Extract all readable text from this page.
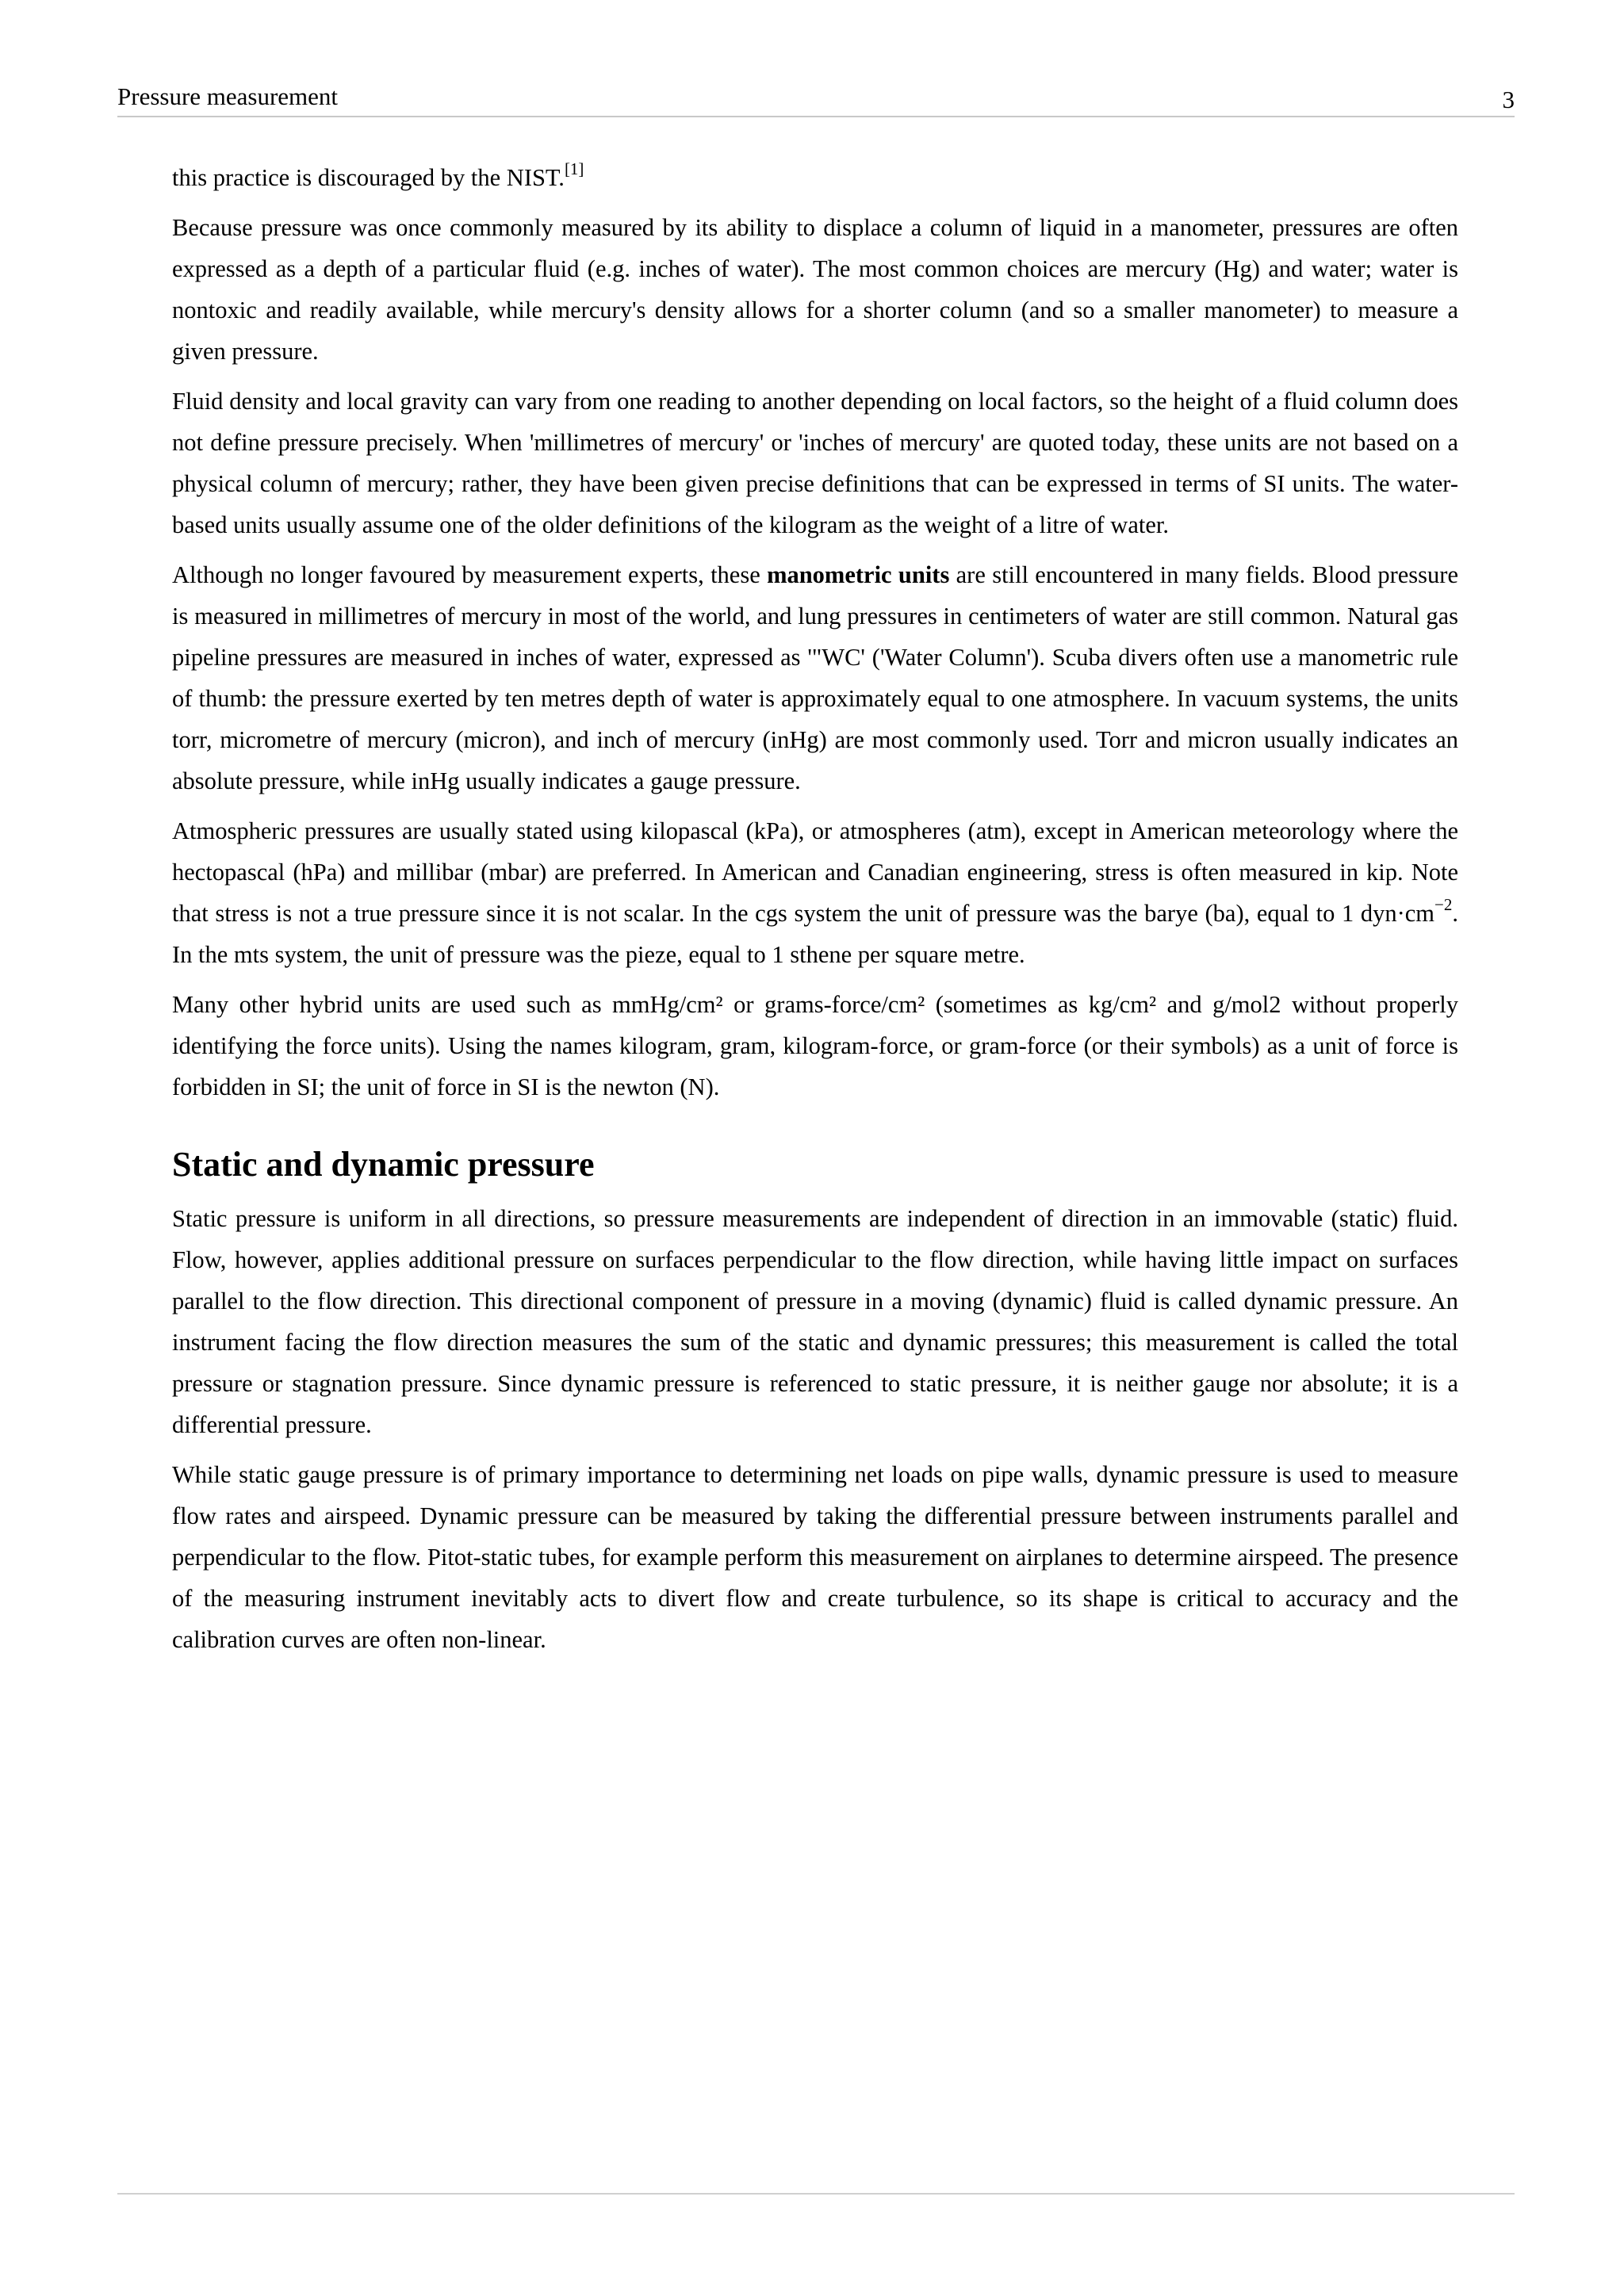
Pressure measurement	3

this practice is discouraged by the NIST.[1]

Because pressure was once commonly measured by its ability to displace a column of liquid in a manometer, pressures are often expressed as a depth of a particular fluid (e.g. inches of water). The most common choices are mercury (Hg) and water; water is nontoxic and readily available, while mercury's density allows for a shorter column (and so a smaller manometer) to measure a given pressure.

Fluid density and local gravity can vary from one reading to another depending on local factors, so the height of a fluid column does not define pressure precisely. When 'millimetres of mercury' or 'inches of mercury' are quoted today, these units are not based on a physical column of mercury; rather, they have been given precise definitions that can be expressed in terms of SI units. The water-based units usually assume one of the older definitions of the kilogram as the weight of a litre of water.

Although no longer favoured by measurement experts, these manometric units are still encountered in many fields. Blood pressure is measured in millimetres of mercury in most of the world, and lung pressures in centimeters of water are still common. Natural gas pipeline pressures are measured in inches of water, expressed as '"WC' ('Water Column'). Scuba divers often use a manometric rule of thumb: the pressure exerted by ten metres depth of water is approximately equal to one atmosphere. In vacuum systems, the units torr, micrometre of mercury (micron), and inch of mercury (inHg) are most commonly used. Torr and micron usually indicates an absolute pressure, while inHg usually indicates a gauge pressure.

Atmospheric pressures are usually stated using kilopascal (kPa), or atmospheres (atm), except in American meteorology where the hectopascal (hPa) and millibar (mbar) are preferred. In American and Canadian engineering, stress is often measured in kip. Note that stress is not a true pressure since it is not scalar. In the cgs system the unit of pressure was the barye (ba), equal to 1 $dyn\cdot cm^{-2}$. In the mts system, the unit of pressure was the pieze, equal to 1 sthene per square metre.

Many other hybrid units are used such as mmHg/cm² or grams-force/cm² (sometimes as kg/cm² and g/mol2 without properly identifying the force units). Using the names kilogram, gram, kilogram-force, or gram-force (or their symbols) as a unit of force is forbidden in SI; the unit of force in SI is the newton (N).

Static and dynamic pressure

Static pressure is uniform in all directions, so pressure measurements are independent of direction in an immovable (static) fluid. Flow, however, applies additional pressure on surfaces perpendicular to the flow direction, while having little impact on surfaces parallel to the flow direction. This directional component of pressure in a moving (dynamic) fluid is called dynamic pressure. An instrument facing the flow direction measures the sum of the static and dynamic pressures; this measurement is called the total pressure or stagnation pressure. Since dynamic pressure is referenced to static pressure, it is neither gauge nor absolute; it is a differential pressure.

While static gauge pressure is of primary importance to determining net loads on pipe walls, dynamic pressure is used to measure flow rates and airspeed. Dynamic pressure can be measured by taking the differential pressure between instruments parallel and perpendicular to the flow. Pitot-static tubes, for example perform this measurement on airplanes to determine airspeed. The presence of the measuring instrument inevitably acts to divert flow and create turbulence, so its shape is critical to accuracy and the calibration curves are often non-linear.
